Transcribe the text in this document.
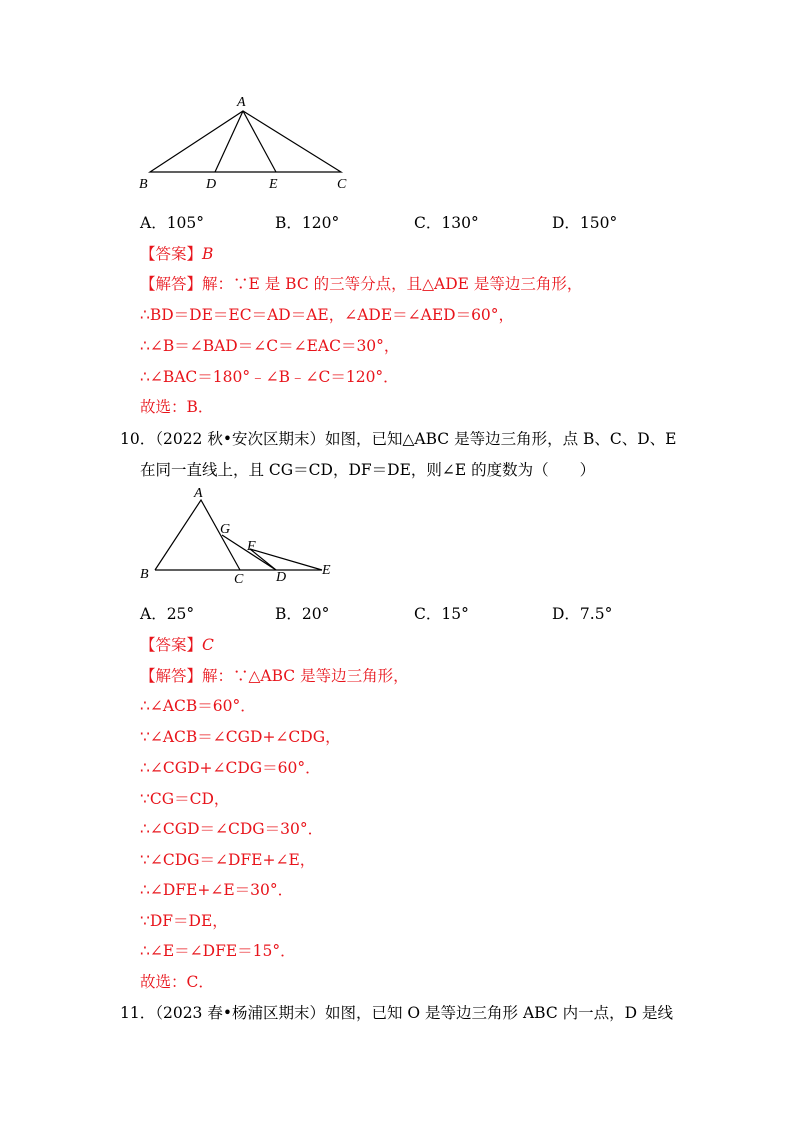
A
B	D	E	C
A．105°	B．120°	C．130°	D．150°
【答案】B
【解答】解：∵E 是 BC 的三等分点，且△ADE 是等边三角形，
∴BD＝DE＝EC＝AD＝AE，∠ADE＝∠AED＝60°，
∴∠B＝∠BAD＝∠C＝∠EAC＝30°，
∴∠BAC＝180°﹣∠B﹣∠C＝120°．
故选：B．
10．（2022 秋•安次区期末）如图，已知△ABC 是等边三角形，点 B、C、D、E
在同一直线上，且 CG＝CD，DF＝DE，则∠E 的度数为（　　）
A
B	C D	E
F
G
A．25°	B．20°	C．15°	D．7.5°
【答案】C
【解答】解：∵△ABC 是等边三角形，
∴∠ACB＝60°．
∵∠ACB＝∠CGD+∠CDG，
∴∠CGD+∠CDG＝60°．
∵CG＝CD，
∴∠CGD＝∠CDG＝30°．
∵∠CDG＝∠DFE+∠E，
∴∠DFE+∠E＝30°．
∵DF＝DE，
∴∠E＝∠DFE＝15°．
故选：C．
11．（2023 春•杨浦区期末）如图，已知 O 是等边三角形 ABC 内一点，D 是线
